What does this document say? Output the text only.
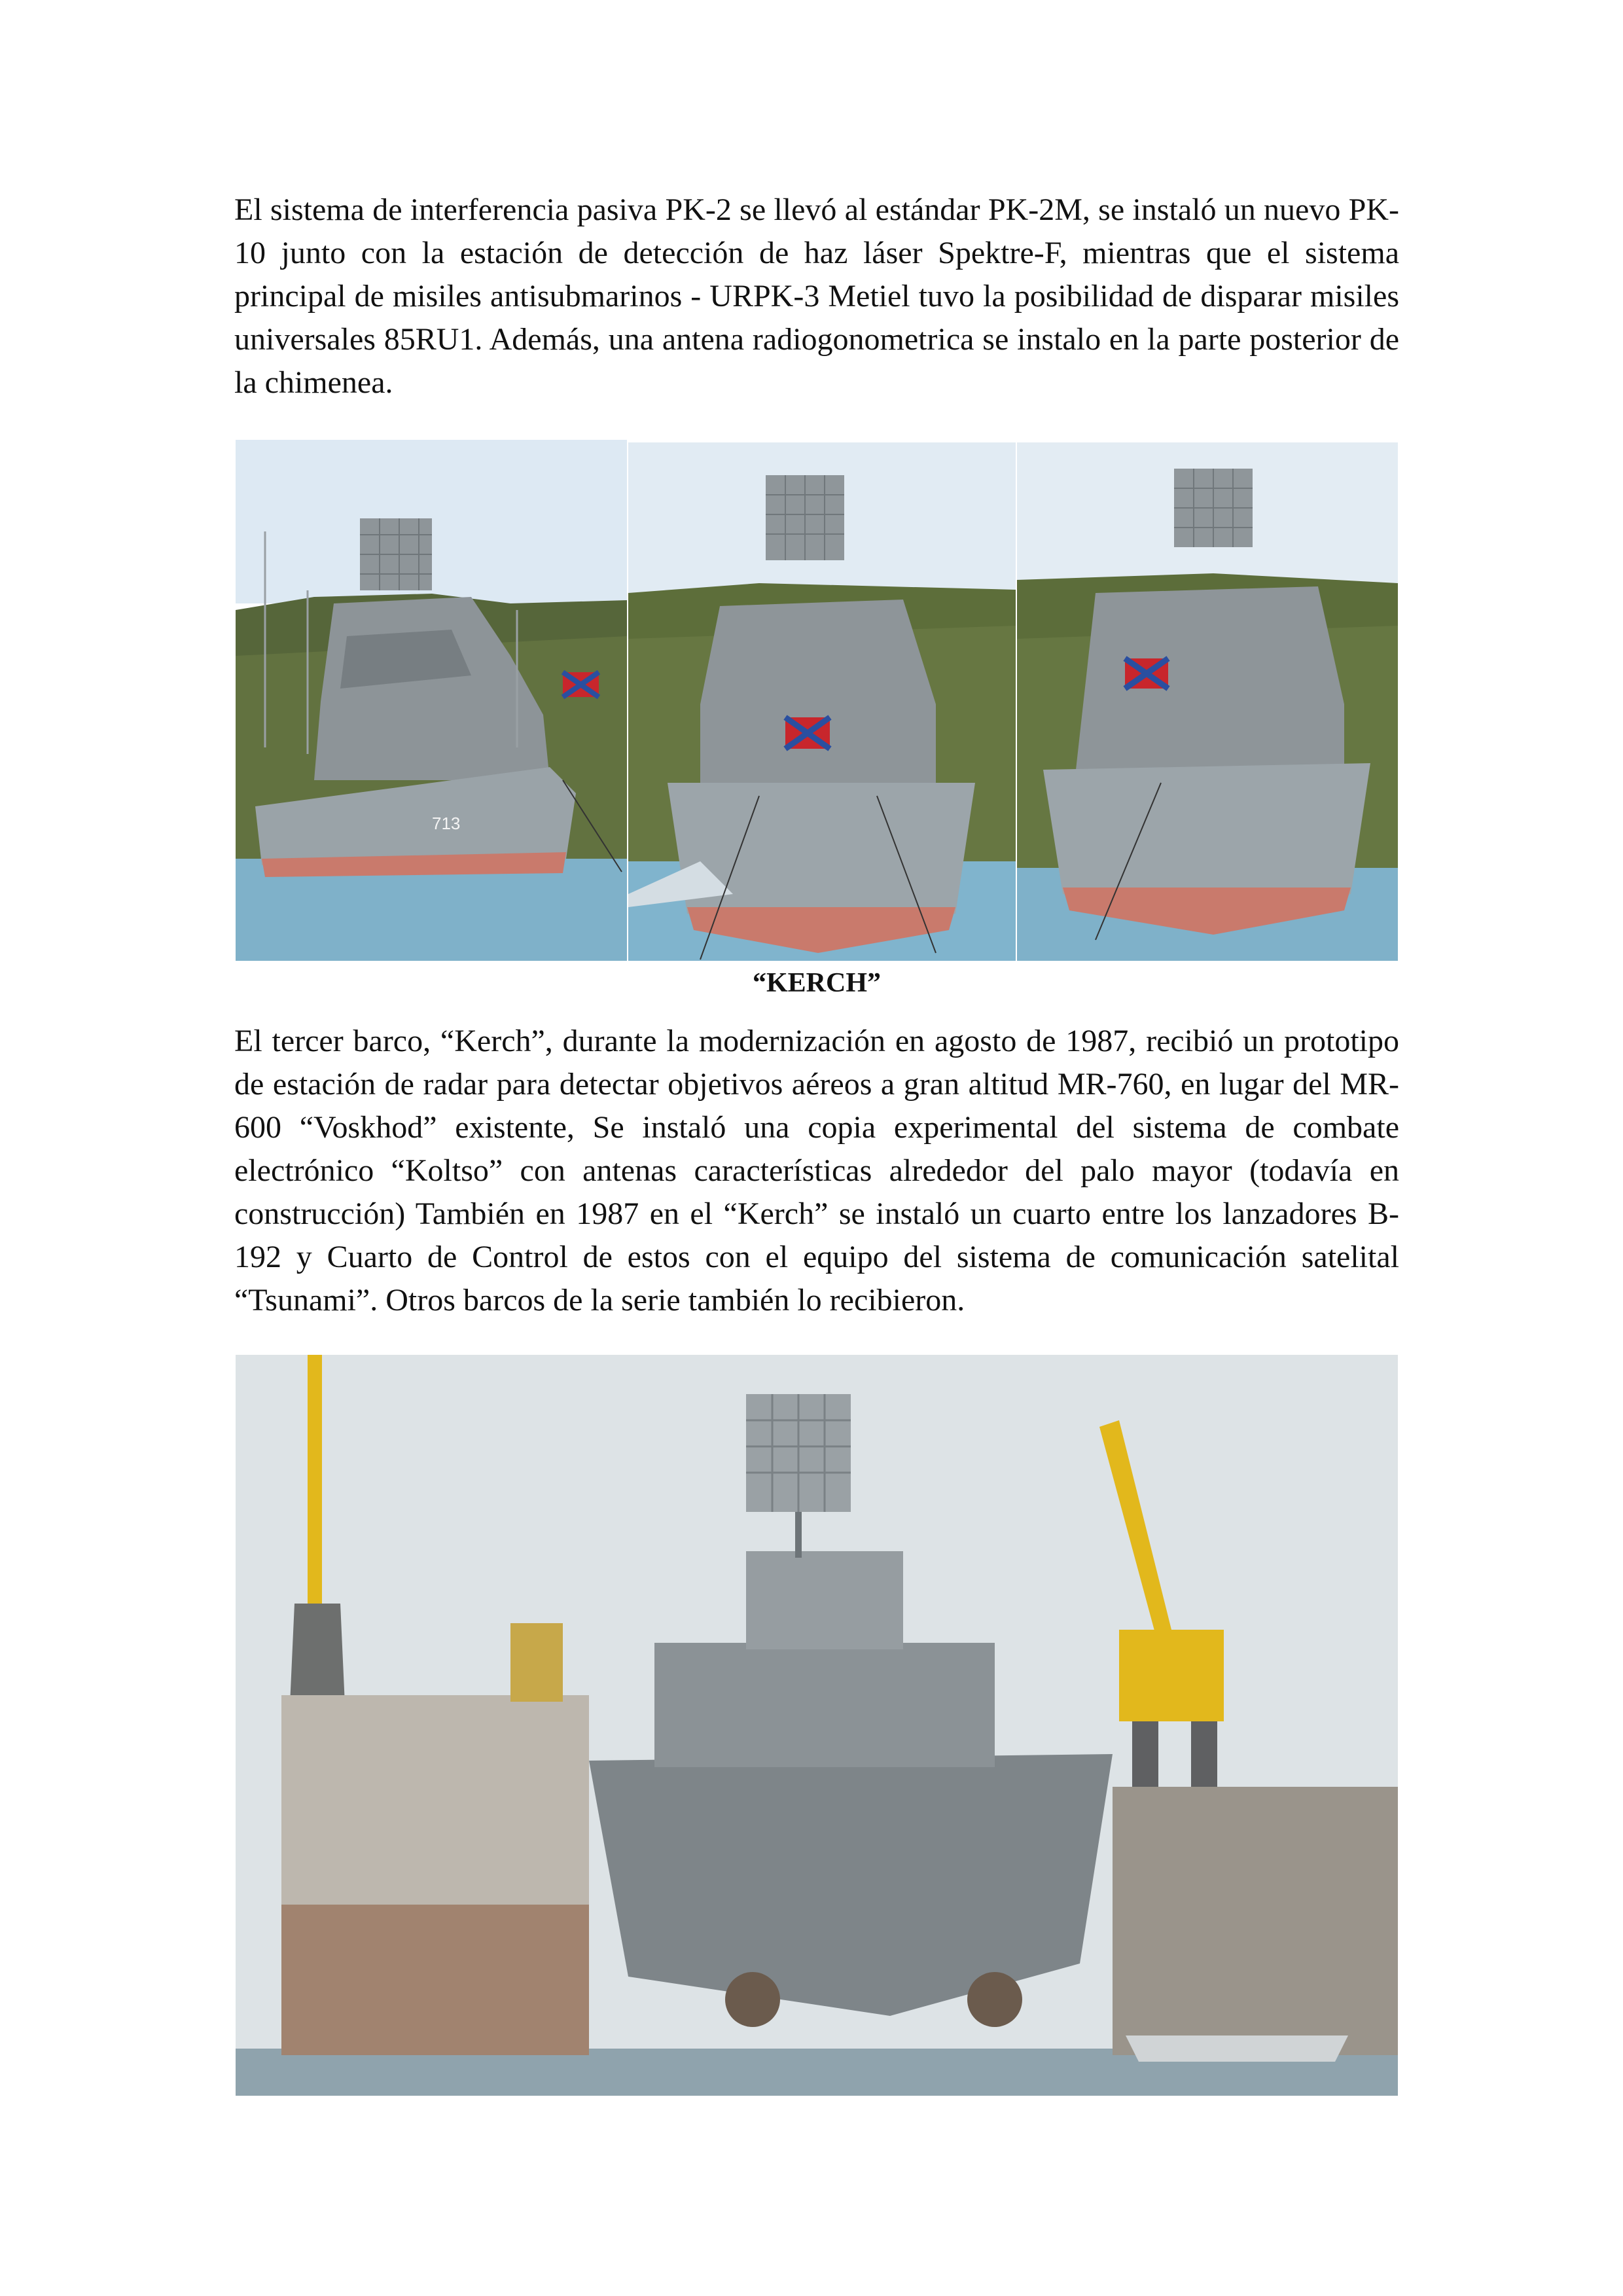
El sistema de interferencia pasiva PK-2 se llevó al estándar PK-2M, se instaló un nuevo PK-10 junto con la estación de detección de haz láser Spektre-F, mientras que el sistema principal de misiles antisubmarinos - URPK-3 Metiel tuvo la posibilidad de disparar misiles universales 85RU1. Además, una antena radiogonometrica se instalo en la parte posterior de la chimenea.

713
“KERCH”

El tercer barco, “Kerch”, durante la modernización en agosto de 1987, recibió un prototipo de estación de radar para detectar objetivos aéreos a gran altitud MR-760, en lugar del MR-600 “Voskhod” existente, Se instaló una copia experimental del sistema de combate electrónico “Koltso” con antenas características alrededor del palo mayor (todavía en construcción) También en 1987 en el “Kerch” se instaló un cuarto entre los lanzadores B-192 y Cuarto de Control de estos con el equipo del sistema de comunicación satelital “Tsunami”. Otros barcos de la serie también lo recibieron.
